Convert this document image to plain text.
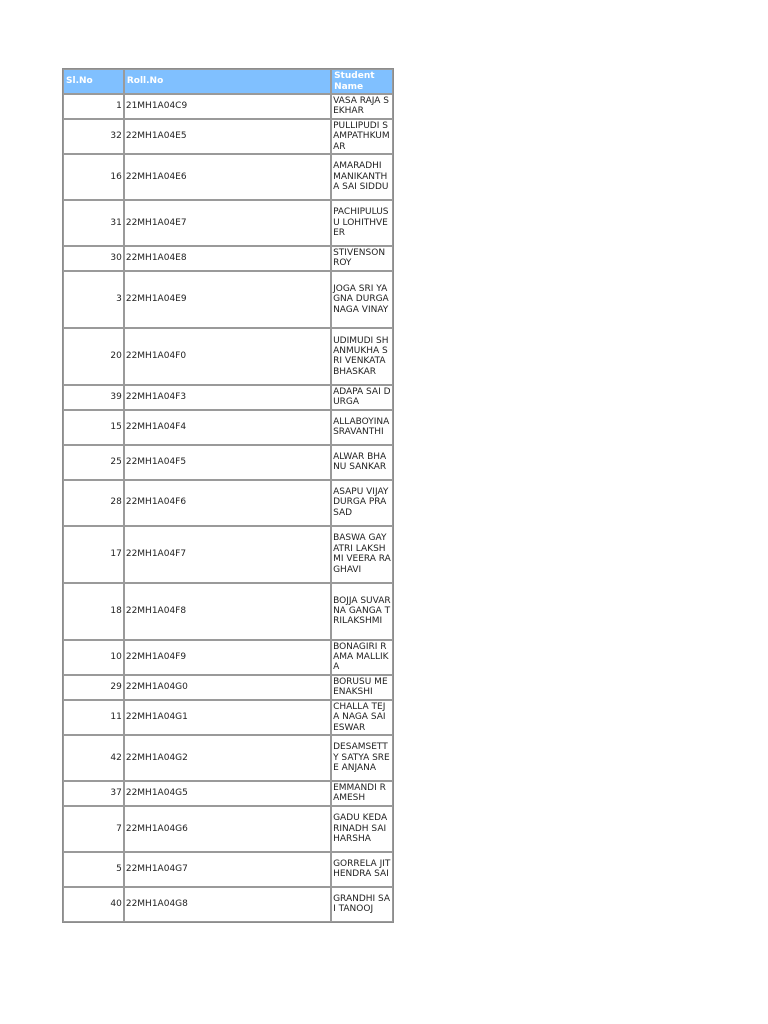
Sl.No	Roll.No	Student Name
1	21MH1A04C9	VASA RAJA SEKHAR
32	22MH1A04E5	PULLIPUDI SAMPATHKUMAR
16	22MH1A04E6	AMARADHI MANIKANTHA SAI SIDDU
31	22MH1A04E7	PACHIPULUSU LOHITHVEER
30	22MH1A04E8	STIVENSON ROY
3	22MH1A04E9	JOGA SRI YAGNA DURGA NAGA VINAY
20	22MH1A04F0	UDIMUDI SHANMUKHA SRI VENKATA BHASKAR
39	22MH1A04F3	ADAPA SAI DURGA
15	22MH1A04F4	ALLABOYINA SRAVANTHI
25	22MH1A04F5	ALWAR BHANU SANKAR
28	22MH1A04F6	ASAPU VIJAY DURGA PRASAD
17	22MH1A04F7	BASWA GAYATRI LAKSHMI VEERA RAGHAVI
18	22MH1A04F8	BOJJA SUVARNA GANGA TRILAKSHMI
10	22MH1A04F9	BONAGIRI RAMA MALLIKA
29	22MH1A04G0	BORUSU MEENAKSHI
11	22MH1A04G1	CHALLA TEJA NAGA SAI ESWAR
42	22MH1A04G2	DESAMSETTY SATYA SREE ANJANA
37	22MH1A04G5	EMMANDI RAMESH
7	22MH1A04G6	GADU KEDARINADH SAIHARSHA
5	22MH1A04G7	GORRELA JITHENDRA SAI
40	22MH1A04G8	GRANDHI SAI TANOOJ
